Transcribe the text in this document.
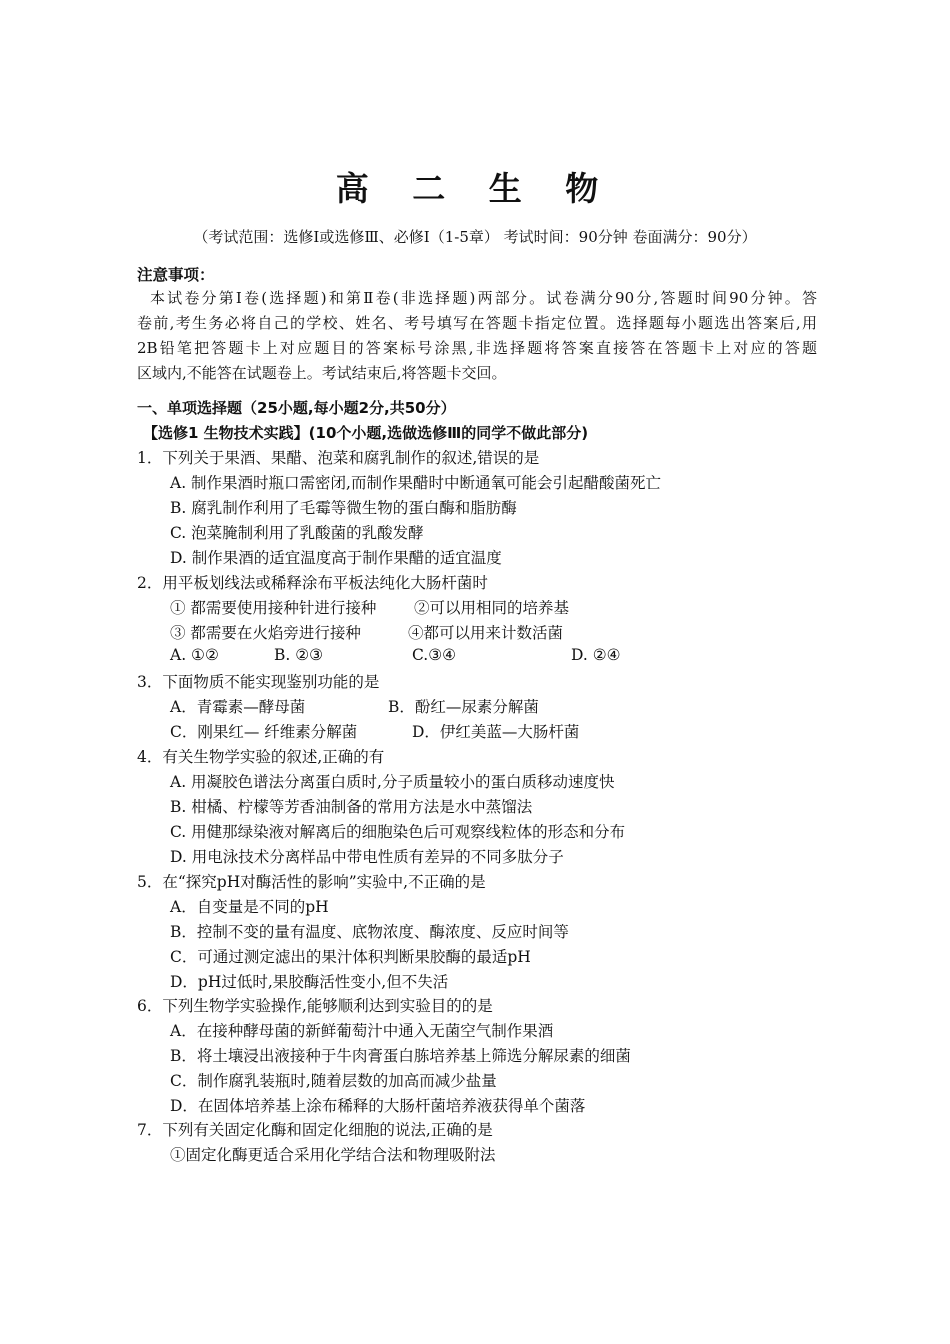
高 二 生 物
（考试范围：选修Ⅰ或选修Ⅲ、必修Ⅰ（1-5章） 考试时间：90分钟 卷面满分：90分）
注意事项：
本试卷分第Ⅰ卷(选择题)和第Ⅱ卷(非选择题)两部分。试卷满分90分,答题时间90分钟。答
卷前,考生务必将自己的学校、姓名、考号填写在答题卡指定位置。选择题每小题选出答案后,用
2B铅笔把答题卡上对应题目的答案标号涂黑,非选择题将答案直接答在答题卡上对应的答题
区域内,不能答在试题卷上。考试结束后,将答题卡交回。
一、单项选择题（25小题,每小题2分,共50分）
【选修1 生物技术实践】(10个小题,选做选修Ⅲ的同学不做此部分)
1．下列关于果酒、果醋、泡菜和腐乳制作的叙述,错误的是
A. 制作果酒时瓶口需密闭,而制作果醋时中断通氧可能会引起醋酸菌死亡
B. 腐乳制作利用了毛霉等微生物的蛋白酶和脂肪酶
C. 泡菜腌制利用了乳酸菌的乳酸发酵
D. 制作果酒的适宜温度高于制作果醋的适宜温度
2．用平板划线法或稀释涂布平板法纯化大肠杆菌时
① 都需要使用接种针进行接种 ②可以用相同的培养基
③ 都需要在火焰旁进行接种	④都可以用来计数活菌
A. ①②	B. ②③	C.③④	D. ②④
3．下面物质不能实现鉴别功能的是
A．青霉素—酵母菌	B．酚红—尿素分解菌
C．刚果红— 纤维素分解菌	D．伊红美蓝—大肠杆菌
4．有关生物学实验的叙述,正确的有
A. 用凝胶色谱法分离蛋白质时,分子质量较小的蛋白质移动速度快
B. 柑橘、柠檬等芳香油制备的常用方法是水中蒸馏法
C. 用健那绿染液对解离后的细胞染色后可观察线粒体的形态和分布
D. 用电泳技术分离样品中带电性质有差异的不同多肽分子
5．在“探究pH对酶活性的影响”实验中,不正确的是
A．自变量是不同的pH
B．控制不变的量有温度、底物浓度、酶浓度、反应时间等
C．可通过测定滤出的果汁体积判断果胶酶的最适pH
D．pH过低时,果胶酶活性变小,但不失活
6．下列生物学实验操作,能够顺利达到实验目的的是
A．在接种酵母菌的新鲜葡萄汁中通入无菌空气制作果酒
B．将土壤浸出液接种于牛肉膏蛋白胨培养基上筛选分解尿素的细菌
C．制作腐乳装瓶时,随着层数的加高而减少盐量
D．在固体培养基上涂布稀释的大肠杆菌培养液获得单个菌落
7．下列有关固定化酶和固定化细胞的说法,正确的是
①固定化酶更适合采用化学结合法和物理吸附法
